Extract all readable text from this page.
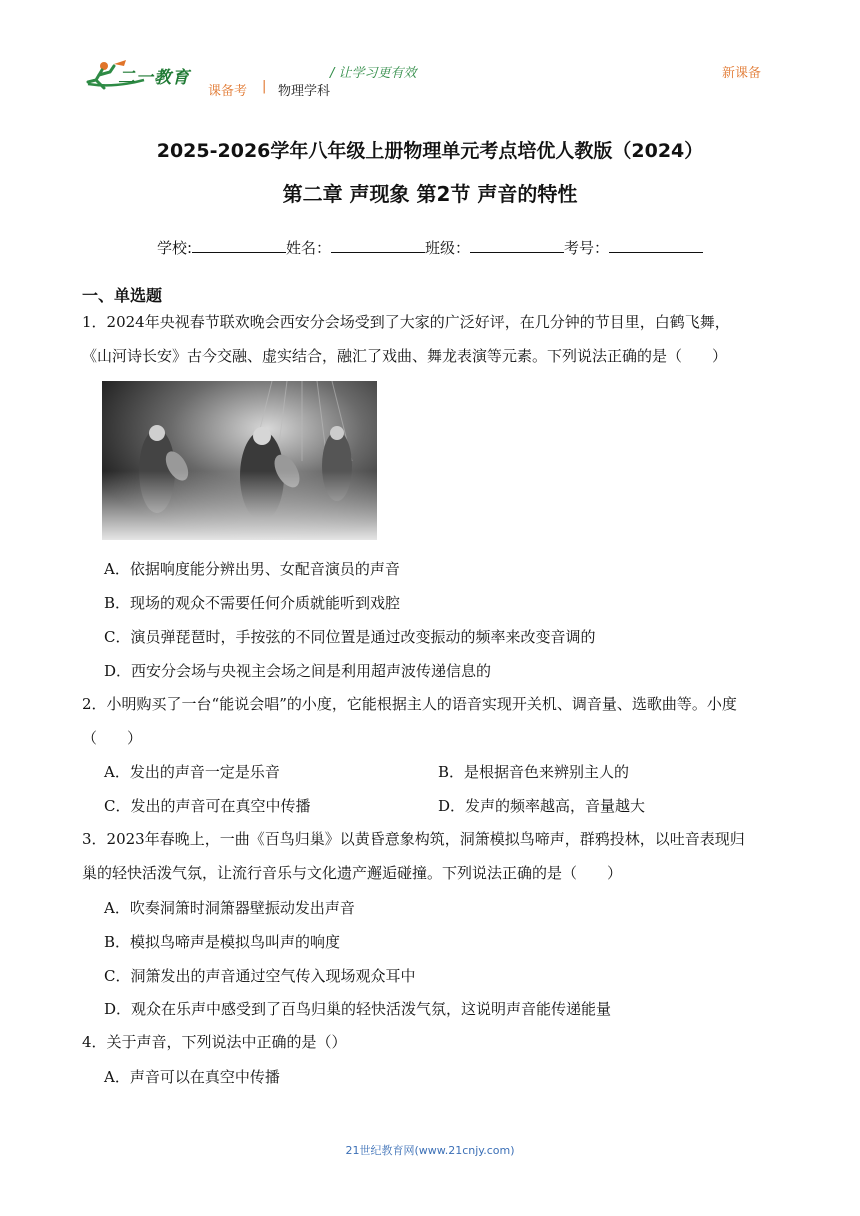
二一教育	/ 让学习更有效
课备考 | 物理学科
新课备
2025-2026学年八年级上册物理单元考点培优人教版（2024）
第二章 声现象 第2节 声音的特性
学校:	姓名：	班级：	考号：
一、单选题
1．2024年央视春节联欢晚会西安分会场受到了大家的广泛好评，在几分钟的节目里，白鹤飞舞，
《山河诗长安》古今交融、虚实结合，融汇了戏曲、舞龙表演等元素。下列说法正确的是（　　）
A．依据响度能分辨出男、女配音演员的声音
B．现场的观众不需要任何介质就能听到戏腔
C．演员弹琵琶时，手按弦的不同位置是通过改变振动的频率来改变音调的
D．西安分会场与央视主会场之间是利用超声波传递信息的
2．小明购买了一台“能说会唱”的小度，它能根据主人的语音实现开关机、调音量、选歌曲等。小度
（　　）
A．发出的声音一定是乐音	B．是根据音色来辨别主人的
C．发出的声音可在真空中传播	D．发声的频率越高，音量越大
3．2023年春晚上，一曲《百鸟归巢》以黄昏意象构筑，洞箫模拟鸟啼声，群鸦投林，以吐音表现归
巢的轻快活泼气氛，让流行音乐与文化遗产邂逅碰撞。下列说法正确的是（　　）
A．吹奏洞箫时洞箫器壁振动发出声音
B．模拟鸟啼声是模拟鸟叫声的响度
C．洞箫发出的声音通过空气传入现场观众耳中
D．观众在乐声中感受到了百鸟归巢的轻快活泼气氛，这说明声音能传递能量
4．关于声音，下列说法中正确的是（）
A．声音可以在真空中传播
21世纪教育网(www.21cnjy.com)
